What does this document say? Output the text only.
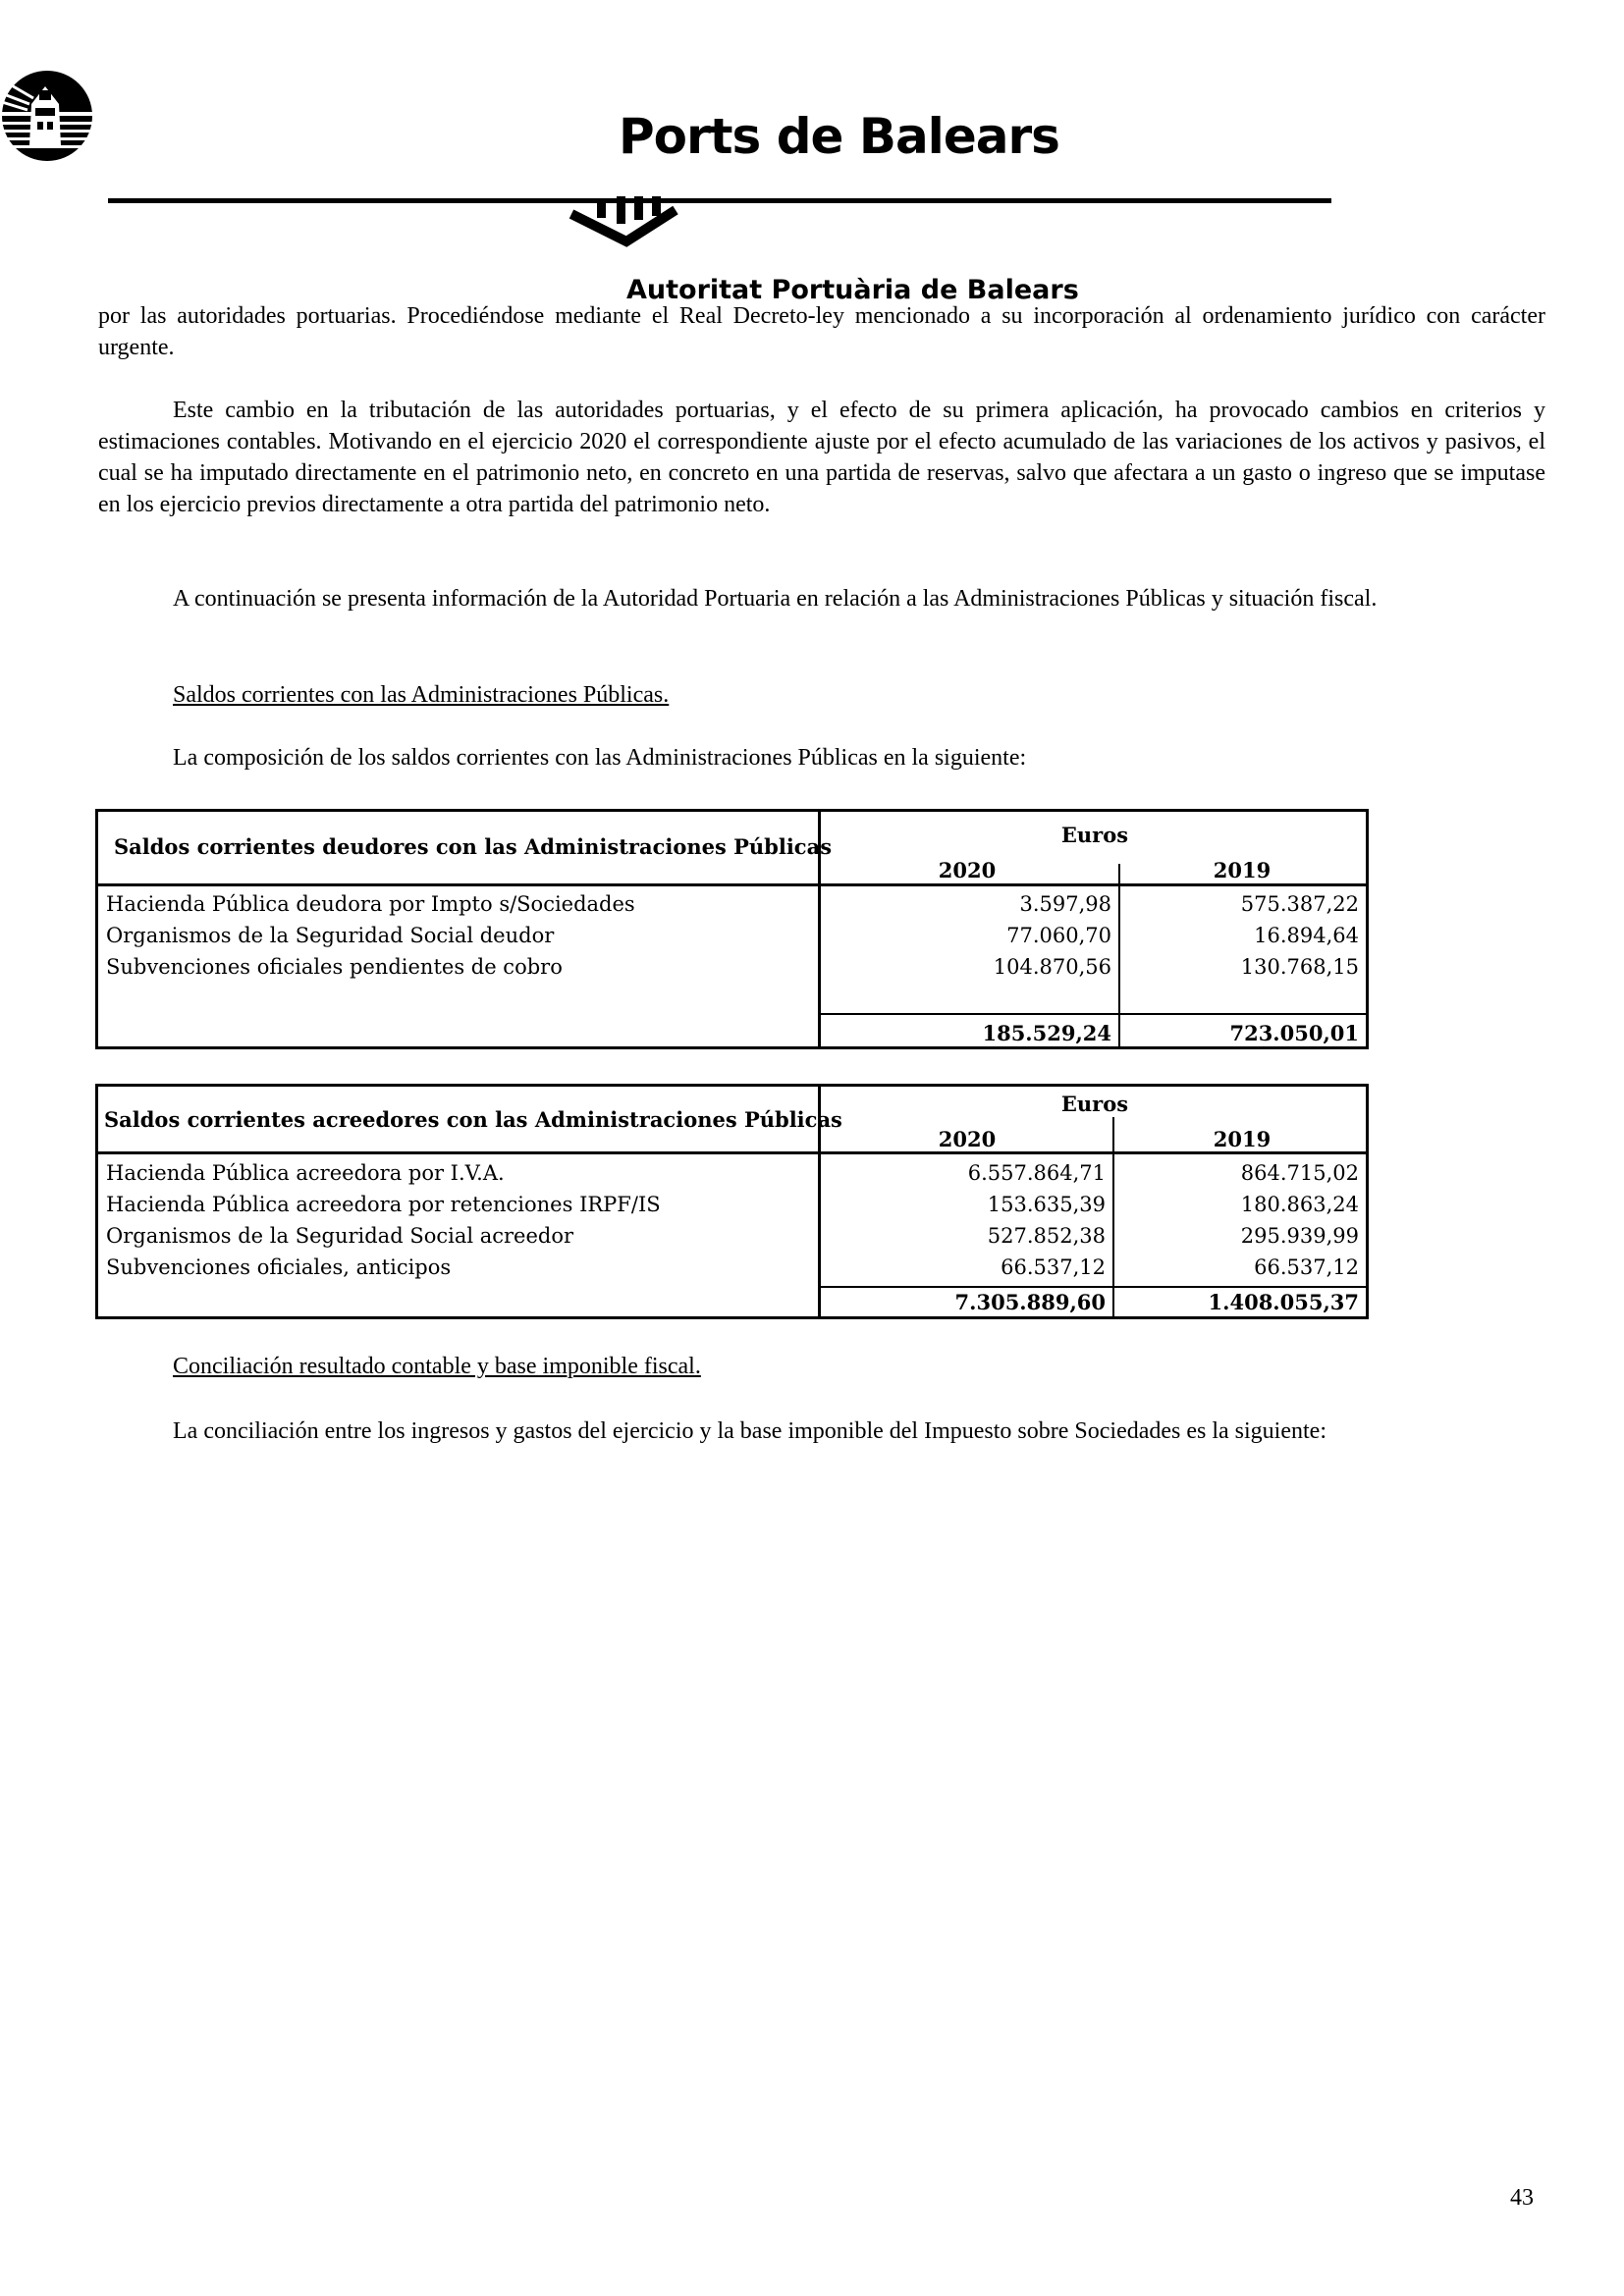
Ports de Balears
Autoritat Portuària de Balears
por las autoridades portuarias. Procediéndose mediante el Real Decreto-ley mencionado a su incorporación al ordenamiento jurídico con carácter urgente.

Este cambio en la tributación de las autoridades portuarias, y el efecto de su primera aplicación, ha provocado cambios en criterios y estimaciones contables. Motivando en el ejercicio 2020 el correspondiente ajuste por el efecto acumulado de las variaciones de los activos y pasivos, el cual se ha imputado directamente en el patrimonio neto, en concreto en una partida de reservas, salvo que afectara a un gasto o ingreso que se imputase en los ejercicio previos directamente a otra partida del patrimonio neto.

A continuación se presenta información de la Autoridad Portuaria en relación a las Administraciones Públicas y situación fiscal.

Saldos corrientes con las Administraciones Públicas.
La composición de los saldos corrientes con las Administraciones Públicas en la siguiente:
Saldos corrientes deudores con las Administraciones Públicas	Euros
2020	2019
Hacienda Pública deudora por Impto s/Sociedades	3.597,98	575.387,22
Organismos de la Seguridad Social deudor	77.060,70	16.894,64
Subvenciones oficiales pendientes de cobro	104.870,56	130.768,15
185.529,24	723.050,01
Saldos corrientes acreedores con las Administraciones Públicas
Euros
2020	2019
Hacienda Pública acreedora por I.V.A.	6.557.864,71	864.715,02
Hacienda Pública acreedora por retenciones IRPF/IS	153.635,39	180.863,24
Organismos de la Seguridad Social acreedor	527.852,38	295.939,99
Subvenciones oficiales, anticipos	66.537,12	66.537,12
7.305.889,60	1.408.055,37
Conciliación resultado contable y base imponible fiscal.
La conciliación entre los ingresos y gastos del ejercicio y la base imponible del Impuesto sobre Sociedades es la siguiente:
43
